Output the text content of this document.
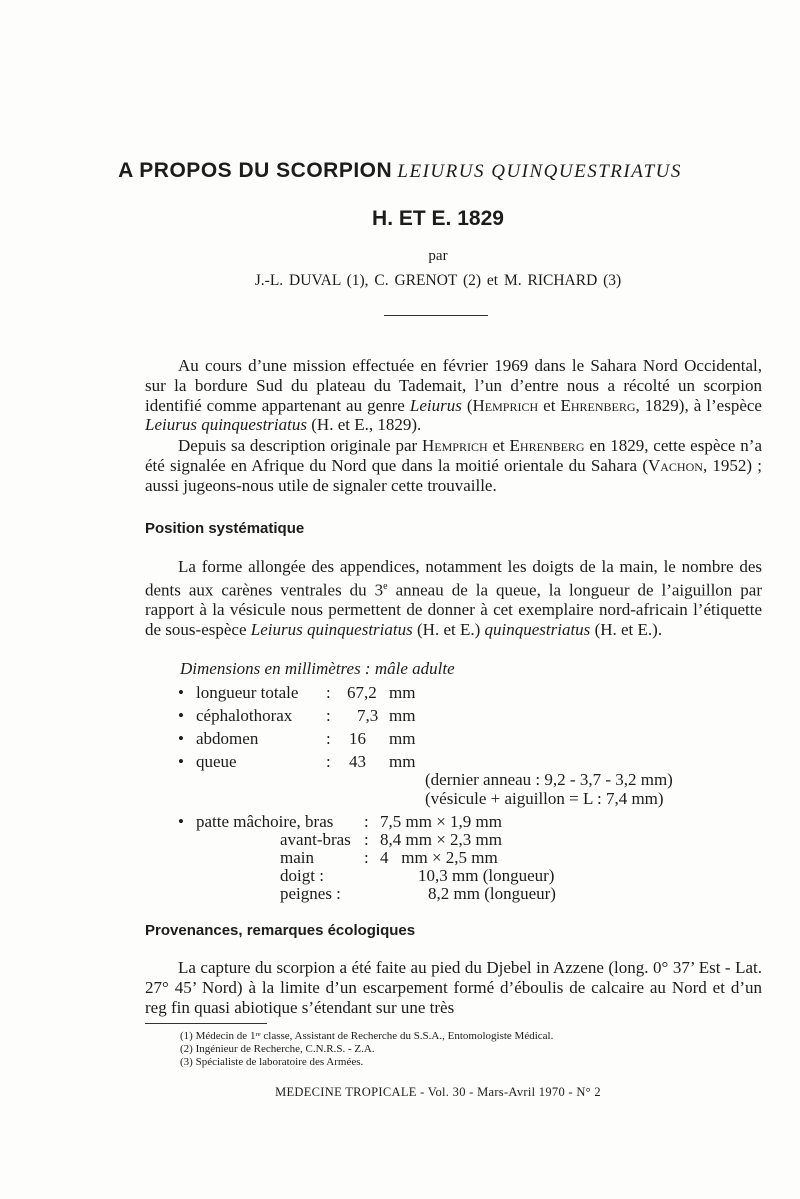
A PROPOS DU SCORPION LEIURUS QUINQUESTRIATUS
H. ET E. 1829
par
J.-L. DUVAL (1), C. GRENOT (2) et M. RICHARD (3)

Au cours d’une mission effectuée en février 1969 dans le Sahara Nord Occidental, sur la bordure Sud du plateau du Tademait, l’un d’entre nous a récolté un scorpion identifié comme appartenant au genre Leiurus (Hemprich et Ehrenberg, 1829), à l’espèce Leiurus quinquestriatus (H. et E., 1829).

Depuis sa description originale par Hemprich et Ehrenberg en 1829, cette espèce n’a été signalée en Afrique du Nord que dans la moitié orientale du Sahara (Vachon, 1952) ; aussi jugeons-nous utile de signaler cette trouvaille.

Position systématique

La forme allongée des appendices, notamment les doigts de la main, le nombre des dents aux carènes ventrales du 3e anneau de la queue, la longueur de l’aiguillon par rapport à la vésicule nous permettent de donner à cet exemplaire nord-africain l’étiquette de sous-espèce Leiurus quinquestriatus (H. et E.) quinquestriatus (H. et E.).

Dimensions en millimètres : mâle adulte
• longueur totale : 67,2 mm
• céphalothorax : 7,3 mm
• abdomen	: 16 mm
• queue	: 43 mm
(dernier anneau : 9,2 - 3,7 - 3,2 mm)
(vésicule + aiguillon = L : 7,4 mm)
• patte mâchoire, bras : 7,5 mm × 1,9 mm
avant-bras : 8,4 mm × 2,3 mm
main	: 4   mm × 2,5 mm
doigt :	10,3 mm (longueur)
peignes :	8,2 mm (longueur)
Provenances, remarques écologiques

La capture du scorpion a été faite au pied du Djebel in Azzene (long. 0° 37’ Est - Lat. 27° 45’ Nord) à la limite d’un escarpement formé d’éboulis de calcaire au Nord et d’un reg fin quasi abiotique s’étendant sur une très

(1) Médecin de 1ʳᵉ classe, Assistant de Recherche du S.S.A., Entomologiste Médical.
(2) Ingénieur de Recherche, C.N.R.S. - Z.A.
(3) Spécialiste de laboratoire des Armées.
MEDECINE TROPICALE - Vol. 30 - Mars-Avril 1970 - N° 2
